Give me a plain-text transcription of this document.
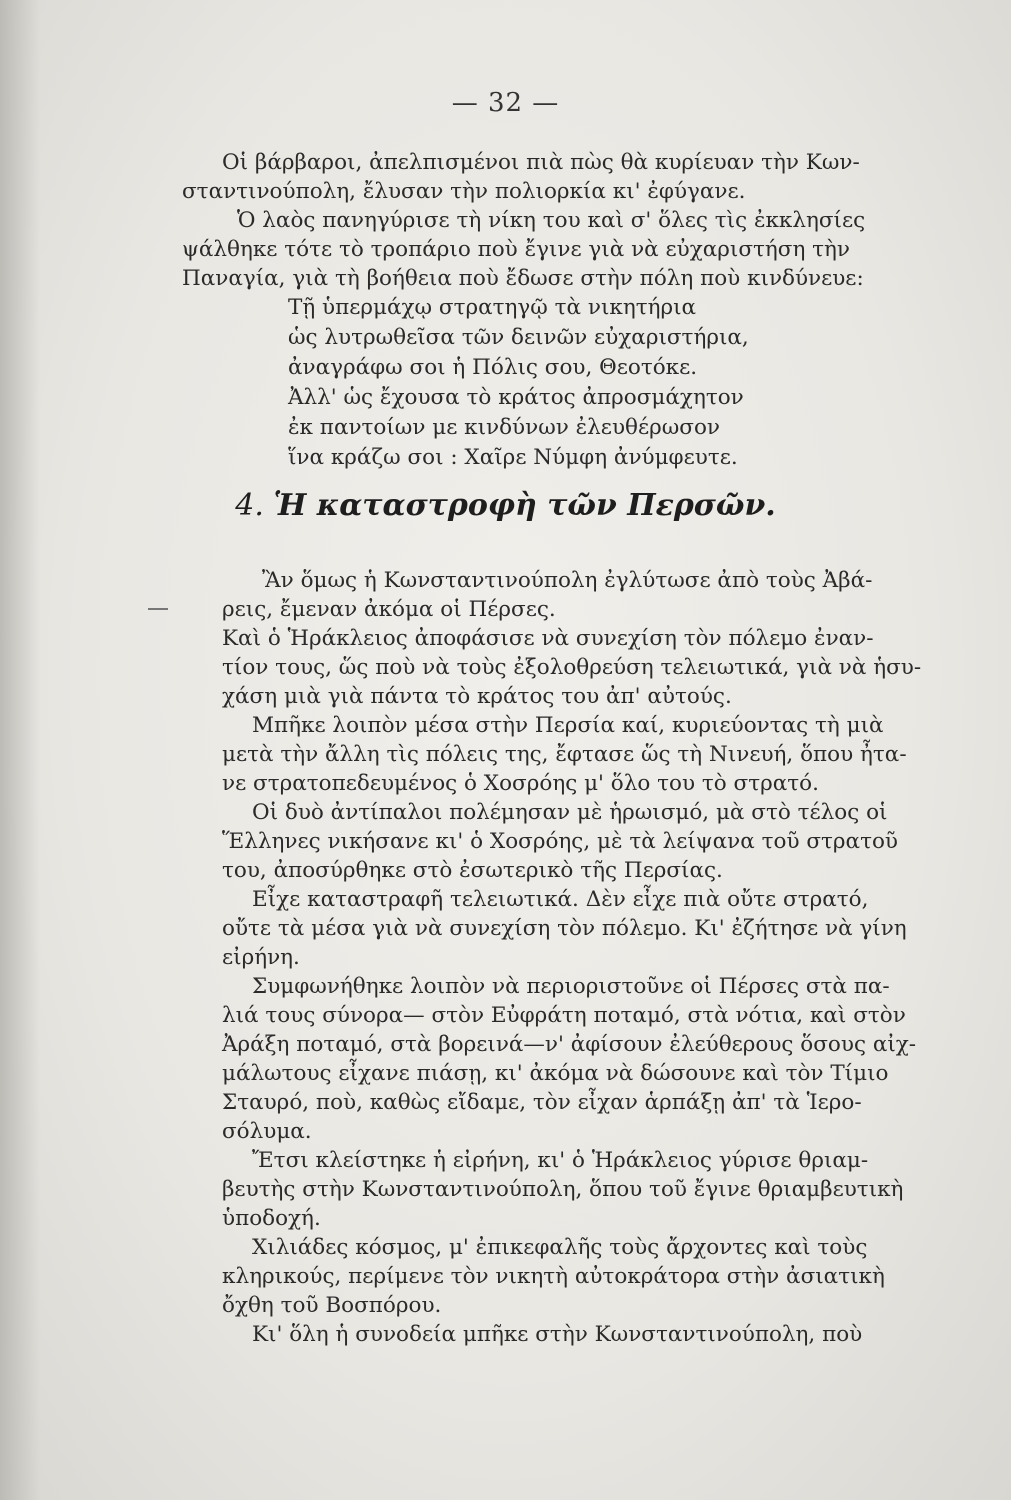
— 32 —
Οἱ βάρβαροι, ἀπελπισμένοι πιὰ πὼς θὰ κυρίευαν τὴν Κων-
σταντινούπολη, ἔλυσαν τὴν πολιορκία κι' ἐφύγανε.
Ὁ λαὸς πανηγύρισε τὴ νίκη του καὶ σ' ὅλες τὶς ἐκκλησίες
ψάλθηκε τότε τὸ τροπάριο ποὺ ἔγινε γιὰ νὰ εὐχαριστήση τὴν
Παναγία, γιὰ τὴ βοήθεια ποὺ ἔδωσε στὴν πόλη ποὺ κινδύνευε:
Τῇ ὑπερμάχῳ στρατηγῷ τὰ νικητήρια
ὡς λυτρωθεῖσα τῶν δεινῶν εὐχαριστήρια,
ἀναγράφω σοι ἡ Πόλις σου, Θεοτόκε.
Ἀλλ' ὡς ἔχουσα τὸ κράτος ἀπροσμάχητον
ἐκ παντοίων με κινδύνων ἐλευθέρωσον
ἵνα κράζω σοι : Χαῖρε Νύμφη ἀνύμφευτε.
4. Ἡ καταστροφὴ τῶν Περσῶν.
Ἂν ὅμως ἡ Κωνσταντινούπολη ἐγλύτωσε ἀπὸ τοὺς Ἀβά-
ρεις, ἔμεναν ἀκόμα οἱ Πέρσες.
Καὶ ὁ Ἡράκλειος ἀποφάσισε νὰ συνεχίση τὸν πόλεμο ἐναν-
τίον τους, ὥς ποὺ νὰ τοὺς ἐξολοθρεύση τελειωτικά, γιὰ νὰ ἡσυ-
χάση μιὰ γιὰ πάντα τὸ κράτος του ἀπ' αὐτούς.
Μπῆκε λοιπὸν μέσα στὴν Περσία καί, κυριεύοντας τὴ μιὰ
μετὰ τὴν ἄλλη τὶς πόλεις της, ἔφτασε ὥς τὴ Νινευή, ὅπου ἦτα-
νε στρατοπεδευμένος ὁ Χοσρόης μ' ὅλο του τὸ στρατό.
Οἱ δυὸ ἀντίπαλοι πολέμησαν μὲ ἡρωισμό, μὰ στὸ τέλος οἱ
Ἕλληνες νικήσανε κι' ὁ Χοσρόης, μὲ τὰ λείψανα τοῦ στρατοῦ
του, ἀποσύρθηκε στὸ ἐσωτερικὸ τῆς Περσίας.
Εἶχε καταστραφῆ τελειωτικά. Δὲν εἶχε πιὰ οὔτε στρατό,
οὔτε τὰ μέσα γιὰ νὰ συνεχίση τὸν πόλεμο. Κι' ἐζήτησε νὰ γίνη
εἰρήνη.
Συμφωνήθηκε λοιπὸν νὰ περιοριστοῦνε οἱ Πέρσες στὰ πα-
λιά τους σύνορα— στὸν Εὐφράτη ποταμό, στὰ νότια, καὶ στὸν
Ἀράξη ποταμό, στὰ βορεινά—ν' ἀφίσουν ἐλεύθερους ὅσους αἰχ-
μάλωτους εἶχανε πιάσῃ, κι' ἀκόμα νὰ δώσουνε καὶ τὸν Τίμιο
Σταυρό, ποὺ, καθὼς εἴδαμε, τὸν εἶχαν ἁρπάξῃ ἀπ' τὰ Ἱερο-
σόλυμα.
Ἔτσι κλείστηκε ἡ εἰρήνη, κι' ὁ Ἡράκλειος γύρισε θριαμ-
βευτὴς στὴν Κωνσταντινούπολη, ὅπου τοῦ ἔγινε θριαμβευτικὴ
ὑποδοχή.
Χιλιάδες κόσμος, μ' ἐπικεφαλῆς τοὺς ἄρχοντες καὶ τοὺς
κληρικούς, περίμενε τὸν νικητὴ αὐτοκράτορα στὴν ἀσιατικὴ
ὄχθη τοῦ Βοσπόρου.
Κι' ὅλη ἡ συνοδεία μπῆκε στὴν Κωνσταντινούπολη, ποὺ
